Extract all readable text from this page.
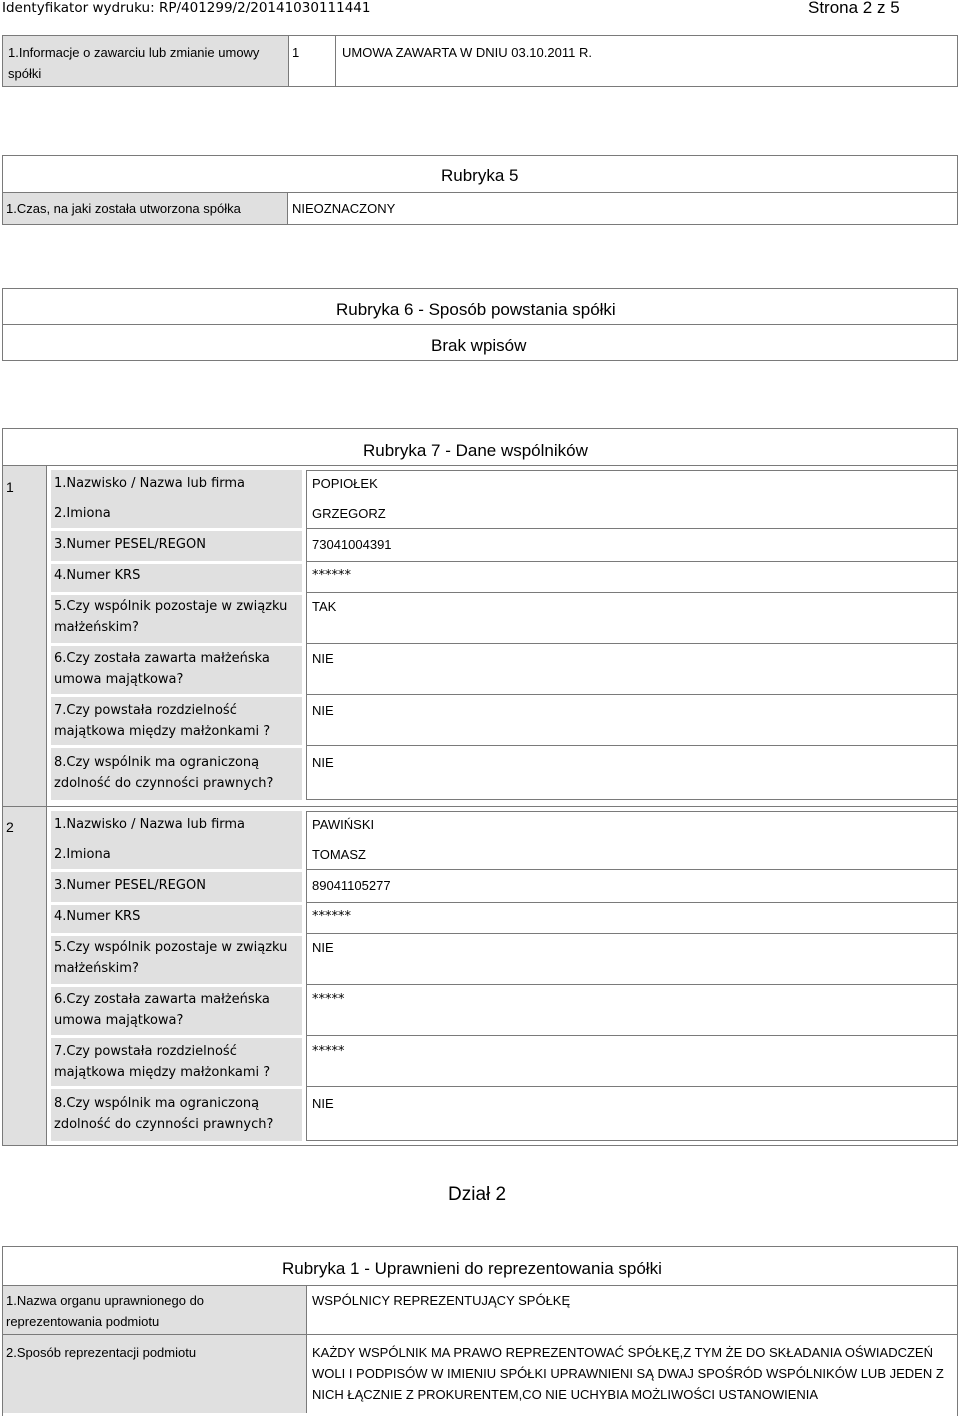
Identyfikator wydruku: RP/401299/2/20141030111441	Strona 2 z 5
1.Informacje o zawarciu lub zmianie umowy spółki
1	UMOWA ZAWARTA W DNIU 03.10.2011 R.
Rubryka 5
1.Czas, na jaki została utworzona spółka	NIEOZNACZONY
Rubryka 6 - Sposób powstania spółki
Brak wpisów
Rubryka 7 - Dane wspólników
1	1.Nazwisko / Nazwa lub firma	POPIOŁEK
2.Imiona	GRZEGORZ
3.Numer PESEL/REGON	73041004391
4.Numer KRS	******
5.Czy wspólnik pozostaje w związku małżeńskim?
TAK
6.Czy została zawarta małżeńska umowa majątkowa?
NIE
7.Czy powstała rozdzielność majątkowa między małżonkami ?
NIE
8.Czy wspólnik ma ograniczoną zdolność do czynności prawnych?
NIE
2	1.Nazwisko / Nazwa lub firma	PAWIŃSKI
2.Imiona	TOMASZ
3.Numer PESEL/REGON	89041105277
4.Numer KRS	******
5.Czy wspólnik pozostaje w związku małżeńskim?
NIE
6.Czy została zawarta małżeńska umowa majątkowa?
*****
7.Czy powstała rozdzielność majątkowa między małżonkami ?
*****
8.Czy wspólnik ma ograniczoną zdolność do czynności prawnych?
NIE
Dział 2
Rubryka 1 - Uprawnieni do reprezentowania spółki
1.Nazwa organu uprawnionego do reprezentowania podmiotu
WSPÓLNICY REPREZENTUJĄCY SPÓŁKĘ
2.Sposób reprezentacji podmiotu	KAŻDY WSPÓLNIK MA PRAWO REPREZENTOWAĆ SPÓŁKĘ,Z TYM ŻE DO SKŁADANIA OŚWIADCZEŃ WOLI I PODPISÓW W IMIENIU SPÓŁKI UPRAWNIENI SĄ DWAJ SPOŚRÓD WSPÓLNIKÓW LUB JEDEN Z NICH ŁĄCZNIE Z PROKURENTEM,CO NIE UCHYBIA MOŻLIWOŚCI USTANOWIENIA
